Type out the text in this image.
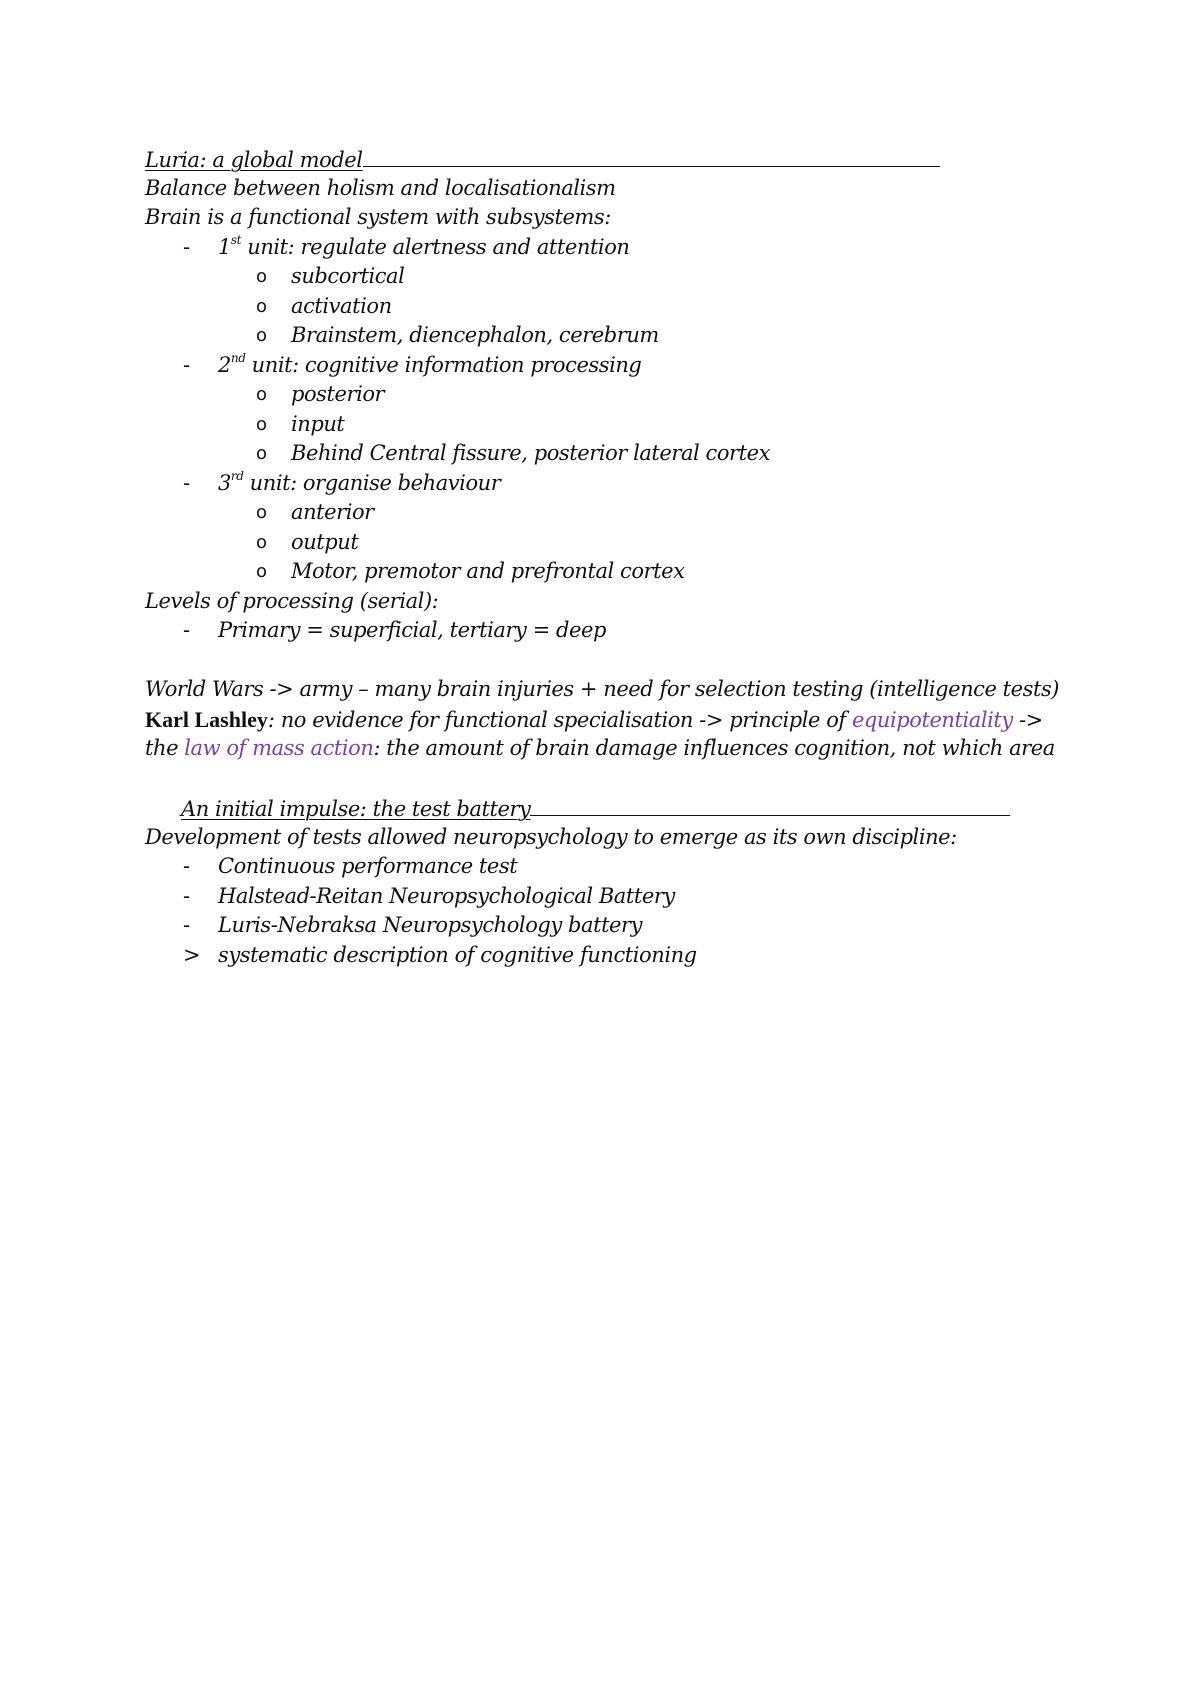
Luria: a global model
Balance between holism and localisationalism
Brain is a functional system with subsystems:
- 1st unit: regulate alertness and attention
o subcortical
o activation
o Brainstem, diencephalon, cerebrum
- 2nd unit: cognitive information processing
o posterior
o input
o Behind Central fissure, posterior lateral cortex
- 3rd unit: organise behaviour
o anterior
o output
o Motor, premotor and prefrontal cortex
Levels of processing (serial):
- Primary = superficial, tertiary = deep
World Wars -> army – many brain injuries + need for selection testing (intelligence tests)
Karl Lashley: no evidence for functional specialisation -> principle of equipotentiality ->
the law of mass action: the amount of brain damage influences cognition, not which area
An initial impulse: the test battery
Development of tests allowed neuropsychology to emerge as its own discipline:
- Continuous performance test
- Halstead-Reitan Neuropsychological Battery
- Luris-Nebraksa Neuropsychology battery
> systematic description of cognitive functioning
